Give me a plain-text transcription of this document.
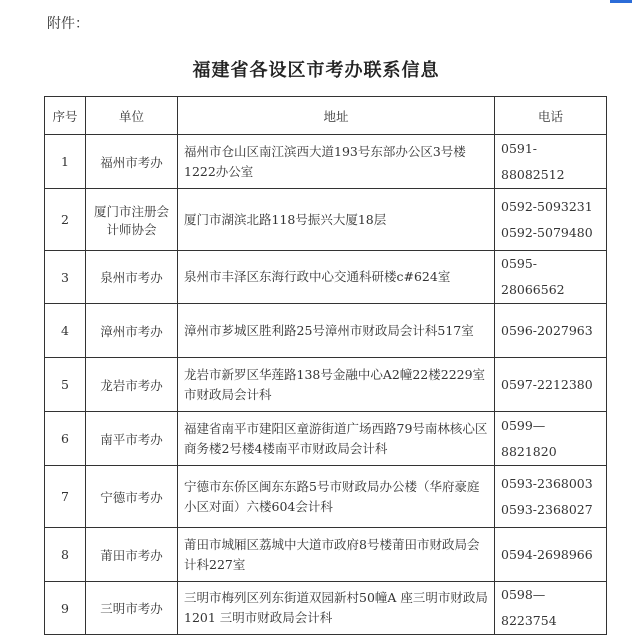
附件：
福建省各设区市考办联系信息
序号	单位	地址	电话
1	福州市考办	福州市仓山区南江滨西大道193号东部办公区3号楼1222办公室	0591-88082512

2	厦门市注册会计师协会	厦门市湖滨北路118号振兴大厦18层	0592-5093231
0592-5079480

3	泉州市考办	泉州市丰泽区东海行政中心交通科研楼c#624室	0595-28066562

4	漳州市考办	漳州市芗城区胜利路25号漳州市财政局会计科517室	0596-2027963

5	龙岩市考办	龙岩市新罗区华莲路138号金融中心A2幢22楼2229室市财政局会计科	0597-2212380

6	南平市考办	福建省南平市建阳区童游街道广场西路79号南林核心区商务楼2号楼4楼南平市财政局会计科	0599—8821820

7	宁德市考办	宁德市东侨区闽东东路5号市财政局办公楼（华府豪庭小区对面）六楼604会计科	0593-2368003
0593-2368027

8	莆田市考办	莆田市城厢区荔城中大道市政府8号楼莆田市财政局会计科227室	0594-2698966

9	三明市考办	三明市梅列区列东街道双园新村50幢A 座三明市财政局1201 三明市财政局会计科	0598—8223754
